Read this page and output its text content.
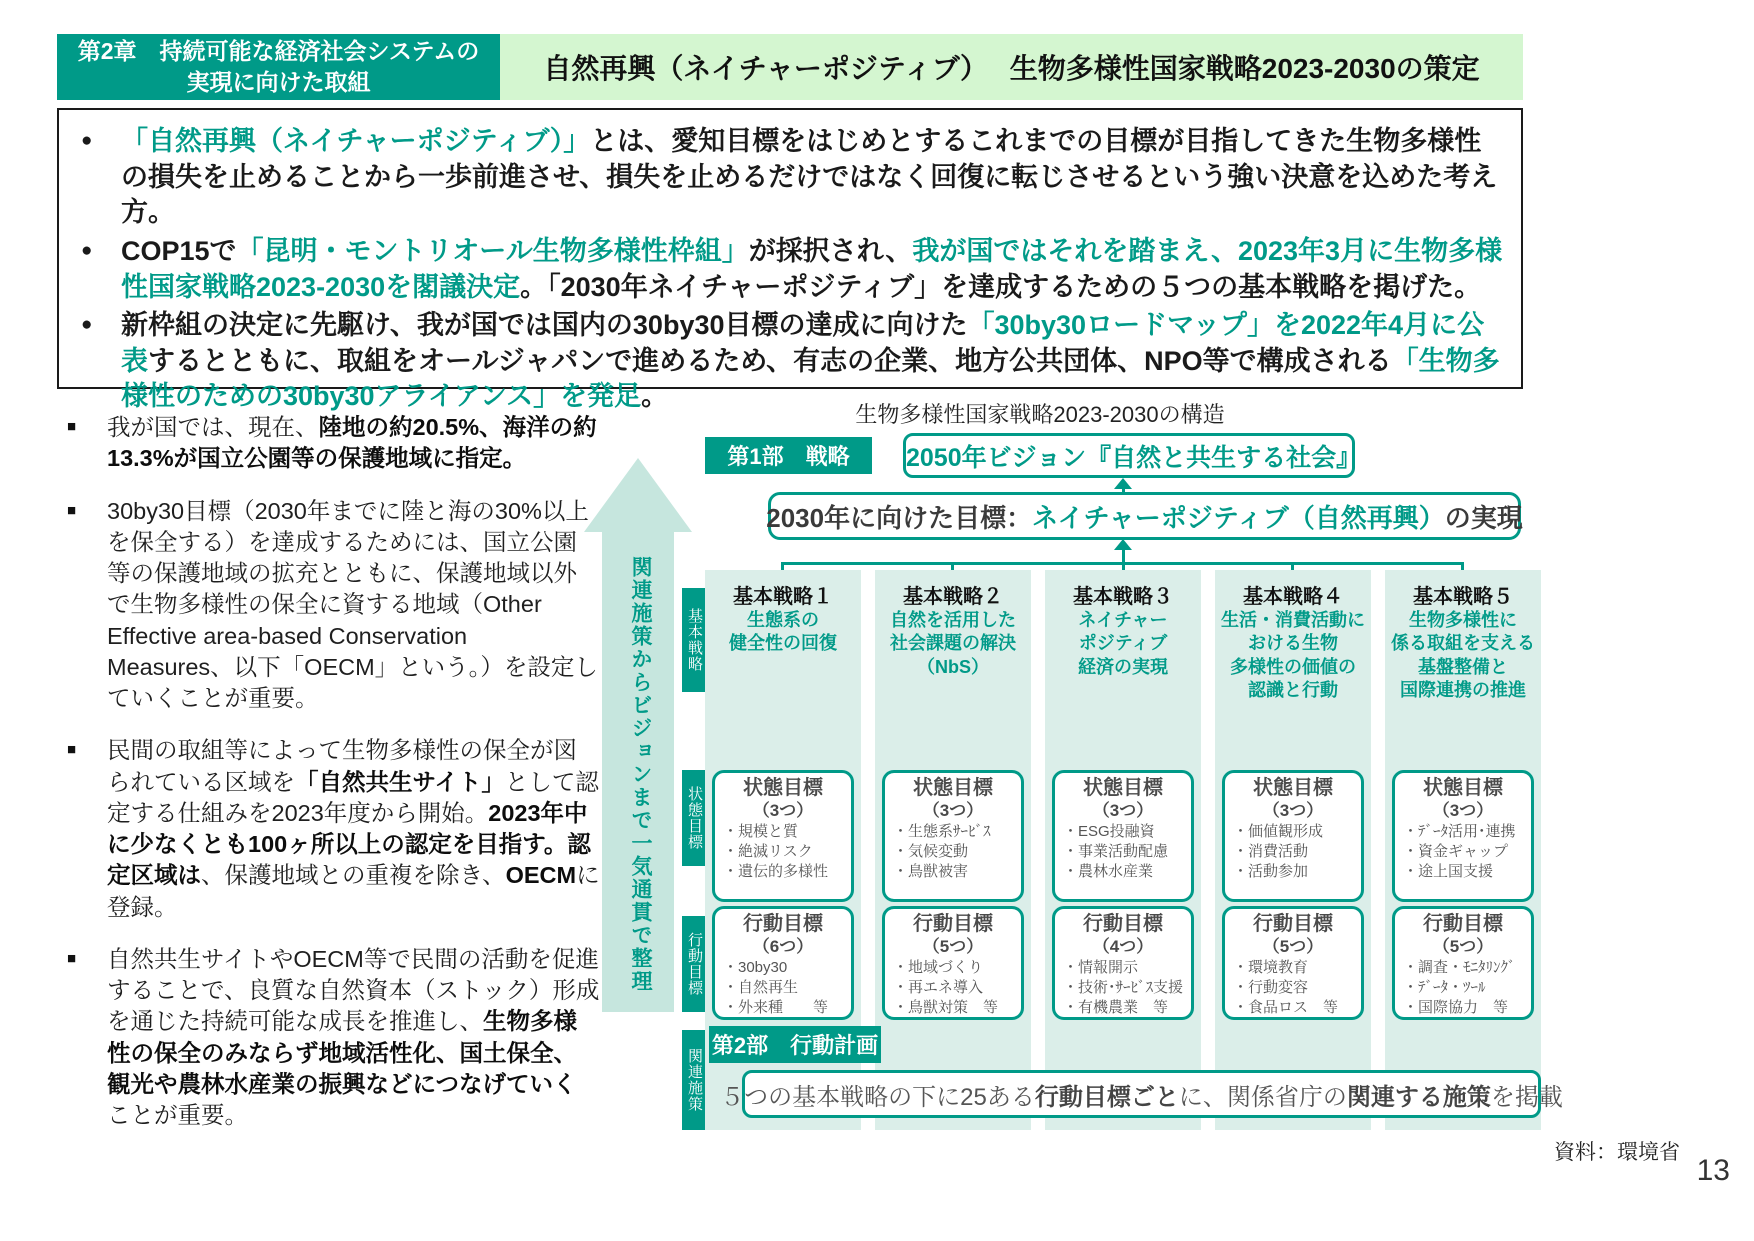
第2章　持続可能な経済社会システムの
実現に向けた取組	自然再興（ネイチャーポジティブ）　 生物多様性国家戦略2023-2030の策定
● 「自然再興（ネイチャーポジティブ）」とは、愛知目標をはじめとするこれまでの目標が目指してきた生物多様性の損失を止めることから一歩前進させ、損失を止めるだけではなく回復に転じさせるという強い決意を込めた考え方。
● COP15で「昆明・モントリオール生物多様性枠組」が採択され、我が国ではそれを踏まえ、2023年3月に生物多様性国家戦略2023-2030を閣議決定。「2030年ネイチャーポジティブ」を達成するための５つの基本戦略を掲げた。
● 新枠組の決定に先駆け、我が国では国内の30by30目標の達成に向けた「30by30ロードマップ」を2022年4月に公表するとともに、取組をオールジャパンで進めるため、有志の企業、地方公共団体、NPO等で構成される「生物多様性のための30by30アライアンス」を発足。
■ 我が国では、現在、陸地の約20.5%、海洋の約13.3%が国立公園等の保護地域に指定。
■ 30by30目標（2030年までに陸と海の30%以上を保全する）を達成するためには、国立公園等の保護地域の拡充とともに、保護地域以外で生物多様性の保全に資する地域（Other Effective area-based Conservation Measures、以下「OECM」という。）を設定していくことが重要。
■ 民間の取組等によって生物多様性の保全が図られている区域を「自然共生サイト」として認定する仕組みを2023年度から開始。2023年中に少なくとも100ヶ所以上の認定を目指す。認定区域は、保護地域との重複を除き、OECMに登録。
■ 自然共生サイトやOECM等で民間の活動を促進することで、良質な自然資本（ストック）形成を通じた持続可能な成長を推進し、生物多様性の保全のみならず地域活性化、国土保全、観光や農林水産業の振興などにつなげていくことが重要。
生物多様性国家戦略2023-2030の構造
関連施策からビジョンまで一気通貫で整理
第1部　戦略	2050年ビジョン『自然と共生する社会』
2030年に向けた目標： ネイチャーポジティブ（自然再興） の実現
基本戦略
状態目標
行動目標
関連施策
基本戦略１
生態系の
健全性の回復
状態目標
（3つ）
・規模と質
・絶滅リスク
・遺伝的多様性
行動目標
（6つ）
・30by30
・自然再生
・外来種　　等
基本戦略２
自然を活用した
社会課題の解決
（NbS）
状態目標
（3つ）
・生態系ｻｰﾋﾞｽ
・気候変動
・鳥獣被害
行動目標
（5つ）
・地域づくり
・再エネ導入
・鳥獣対策　等
基本戦略３
ネイチャー
ポジティブ
経済の実現
状態目標
（3つ）
・ESG投融資
・事業活動配慮
・農林水産業
行動目標
（4つ）
・情報開示
・技術･ｻｰﾋﾞｽ支援
・有機農業　等
基本戦略４
生活・消費活動に
おける生物
多様性の価値の
認識と行動
状態目標
（3つ）
・価値観形成
・消費活動
・活動参加
行動目標
（5つ）
・環境教育
・行動変容
・食品ロス　等
基本戦略５
生物多様性に
係る取組を支える
基盤整備と
国際連携の推進
状態目標
（3つ）
・ﾃﾞｰﾀ活用･連携
・資金ギャップ
・途上国支援
行動目標
（5つ）
・調査・ﾓﾆﾀﾘﾝｸﾞ
・ﾃﾞｰﾀ・ﾂｰﾙ
・国際協力　等
第2部　行動計画
５つの基本戦略の下に25ある 行動目標ごと に、関係省庁の 関連する施策 を掲載
資料：環境省
13
